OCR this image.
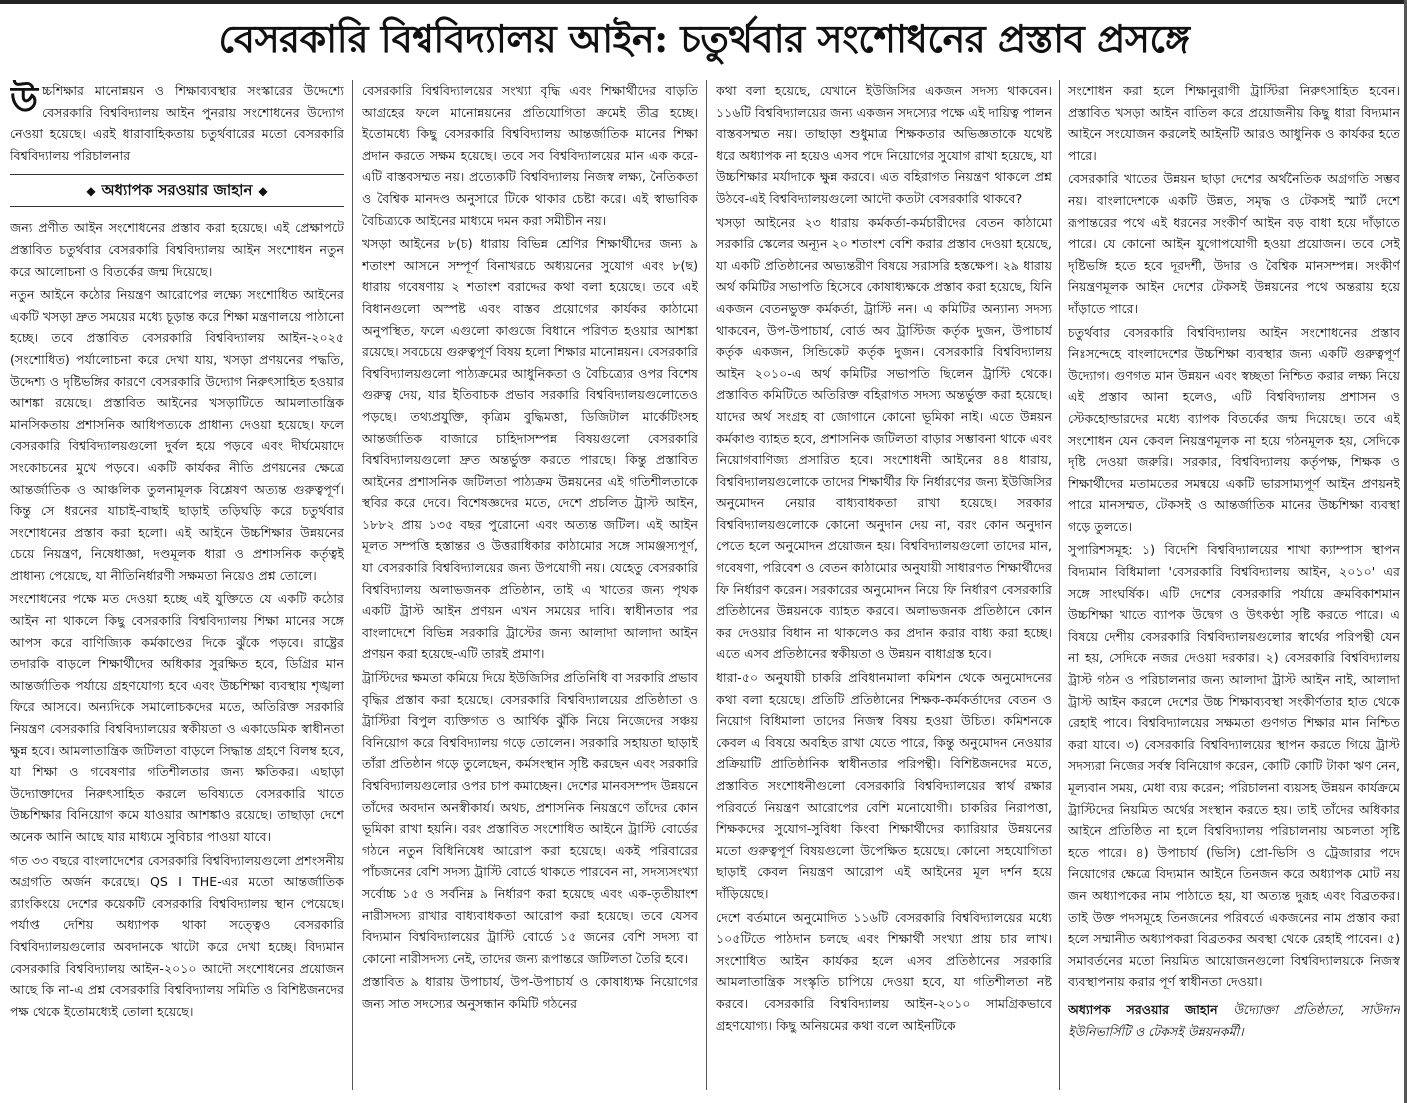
বেসরকারি বিশ্ববিদ্যালয় আইন: চতুর্থবার সংশোধনের প্রস্তাব প্রসঙ্গে

উচ্চশিক্ষার মানোন্নয়ন ও শিক্ষাব্যবস্থার সংস্কারের উদ্দেশ্যে বেসরকারি বিশ্ববিদ্যালয় আইন পুনরায় সংশোধনের উদ্যোগ নেওয়া হয়েছে। এরই ধারাবাহিকতায় চতুর্থবারের মতো বেসরকারি বিশ্ববিদ্যালয় পরিচালনার

◆ অধ্যাপক সরওয়ার জাহান ◆

জন্য প্রণীত আইন সংশোধনের প্রস্তাব করা হয়েছে। এই প্রেক্ষাপটে প্রস্তাবিত চতুর্থবার বেসরকারি বিশ্ববিদ্যালয় আইন সংশোধন নতুন করে আলোচনা ও বিতর্কের জন্ম দিয়েছে।

নতুন আইনে কঠোর নিয়ন্ত্রণ আরোপের লক্ষ্যে সংশোধিত আইনের একটি খসড়া দ্রুত সময়ের মধ্যে চূড়ান্ত করে শিক্ষা মন্ত্রণালয়ে পাঠানো হচ্ছে। তবে প্রস্তাবিত বেসরকারি বিশ্ববিদ্যালয় আইন-২০২৫ (সংশোধিত) পর্যালোচনা করে দেখা যায়, খসড়া প্রণয়নের পদ্ধতি, উদ্দেশ্য ও দৃষ্টিভঙ্গির কারণে বেসরকারি উদ্যোগ নিরুৎসাহিত হওয়ার আশঙ্কা রয়েছে। প্রস্তাবিত আইনের খসড়াটিতে আমলাতান্ত্রিক মানসিকতায় প্রশাসনিক আধিপত্যকে প্রাধান্য দেওয়া হয়েছে। ফলে বেসরকারি বিশ্ববিদ্যালয়গুলো দুর্বল হয়ে পড়বে এবং দীর্ঘমেয়াদে সংকোচনের মুখে পড়বে। একটি কার্যকর নীতি প্রণয়নের ক্ষেত্রে আন্তর্জাতিক ও আঞ্চলিক তুলনামূলক বিশ্লেষণ অত্যন্ত গুরুত্বপূর্ণ। কিন্তু সে ধরনের যাচাই-বাছাই ছাড়াই তড়িঘড়ি করে চতুর্থবার সংশোধনের প্রস্তাব করা হলো। এই আইনে উচ্চশিক্ষার উন্নয়নের চেয়ে নিয়ন্ত্রণ, নিষেধাজ্ঞা, দণ্ডমূলক ধারা ও প্রশাসনিক কর্তৃত্বই প্রাধান্য পেয়েছে, যা নীতিনির্ধারণী সক্ষমতা নিয়েও প্রশ্ন তোলে।

সংশোধনের পক্ষে মত দেওয়া হচ্ছে এই যুক্তিতে যে একটি কঠোর আইন না থাকলে কিছু বেসরকারি বিশ্ববিদ্যালয় শিক্ষা মানের সঙ্গে আপস করে বাণিজ্যিক কর্মকাণ্ডের দিকে ঝুঁকে পড়বে। রাষ্ট্রের তদারকি বাড়লে শিক্ষার্থীদের অধিকার সুরক্ষিত হবে, ডিগ্রির মান আন্তর্জাতিক পর্যায়ে গ্রহণযোগ্য হবে এবং উচ্চশিক্ষা ব্যবস্থায় শৃঙ্খলা ফিরে আসবে। অন্যদিকে সমালোচকদের মতে, অতিরিক্ত সরকারি নিয়ন্ত্রণ বেসরকারি বিশ্ববিদ্যালয়ের স্বকীয়তা ও একাডেমিক স্বাধীনতা ক্ষুন্ন হবে। আমলাতান্ত্রিক জটিলতা বাড়লে সিদ্ধান্ত গ্রহণে বিলম্ব হবে, যা শিক্ষা ও গবেষণার গতিশীলতার জন্য ক্ষতিকর। এছাড়া উদ্যোক্তাদের নিরুৎসাহিত করলে ভবিষ্যতে বেসরকারি খাতে উচ্চশিক্ষার বিনিয়োগ কমে যাওয়ার আশঙ্কাও রয়েছে। তাছাড়া দেশে অনেক আনি আছে যার মাধ্যমে সুবিচার পাওয়া যাবে।

গত ৩৩ বছরে বাংলাদেশের বেসরকারি বিশ্ববিদ্যালয়গুলো প্রশংসনীয় অগ্রগতি অর্জন করেছে। QS I THE-এর মতো আন্তর্জাতিক র‌্যাংকিংয়ে দেশের কয়েকটি বেসরকারি বিশ্ববিদ্যালয় স্থান পেয়েছে। পর্যাপ্ত দেশিয় অধ্যাপক থাকা সত্ত্বেও বেসরকারি বিশ্ববিদ্যালয়গুলোর অবদানকে খাটো করে দেখা হচ্ছে। বিদ্যমান বেসরকারি বিশ্ববিদ্যালয় আইন-২০১০ আদৌ সংশোধনের প্রয়োজন আছে কি না-এ প্রশ্ন বেসরকারি বিশ্ববিদ্যালয় সমিতি ও বিশিষ্টজনদের পক্ষ থেকে ইতোমধ্যেই তোলা হয়েছে।

বেসরকারি বিশ্ববিদ্যালয়ের সংখ্যা বৃদ্ধি এবং শিক্ষার্থীদের বাড়তি আগ্রহের ফলে মানোন্নয়নের প্রতিযোগিতা ক্রমেই তীব্র হচ্ছে। ইতোমধ্যে কিছু বেসরকারি বিশ্ববিদ্যালয় আন্তর্জাতিক মানের শিক্ষা প্রদান করতে সক্ষম হয়েছে। তবে সব বিশ্ববিদ্যালয়ের মান এক করে-এটি বাস্তবসম্মত নয়। প্রত্যেকটি বিশ্ববিদ্যালয় নিজস্ব লক্ষ্য, নৈতিকতা ও বৈশ্বিক মানদণ্ড অনুসারে টিকে থাকার চেষ্টা করে। এই স্বাভাবিক বৈচিত্র্যকে আইনের মাধ্যমে দমন করা সমীচীন নয়।

খসড়া আইনের ৮(চ) ধারায় বিভিন্ন শ্রেণির শিক্ষার্থীদের জন্য ৯ শতাংশ আসনে সম্পূর্ণ বিনাখরচে অধ্যয়নের সুযোগ এবং ৮(ছ) ধারায় গবেষণায় ২ শতাংশ বরাদ্দের কথা বলা হয়েছে। তবে এই বিধানগুলো অস্পষ্ট এবং বাস্তব প্রয়োগের কার্যকর কাঠামো অনুপস্থিত, ফলে এগুলো কাগুজে বিধানে পরিণত হওয়ার আশঙ্কা রয়েছে। সবচেয়ে গুরুত্বপূর্ণ বিষয় হলো শিক্ষার মানোন্নয়ন। বেসরকারি বিশ্ববিদ্যালয়গুলো পাঠ্যক্রমের আধুনিকতা ও বৈচিত্র্যের ওপর বিশেষ গুরুত্ব দেয়, যার ইতিবাচক প্রভাব সরকারি বিশ্ববিদ্যালয়গুলোতেও পড়ছে। তথ্যপ্রযুক্তি, কৃত্রিম বুদ্ধিমত্তা, ডিজিটাল মার্কেটিংসহ আন্তর্জাতিক বাজারে চাহিদাসম্পন্ন বিষয়গুলো বেসরকারি বিশ্ববিদ্যালয়গুলো দ্রুত অন্তর্ভুক্ত করতে পারছে। কিন্তু প্রস্তাবিত আইনের প্রশাসনিক জটিলতা পাঠ্যক্রম উন্নয়নের এই গতিশীলতাকে স্থবির করে দেবে। বিশেষজ্ঞদের মতে, দেশে প্রচলিত ট্রাস্ট আইন, ১৮৮২ প্রায় ১৩৫ বছর পুরোনো এবং অত্যন্ত জটিল। এই আইন মূলত সম্পত্তি হস্তান্তর ও উত্তরাধিকার কাঠামোর সঙ্গে সামঞ্জস্যপূর্ণ, যা বেসরকারি বিশ্ববিদ্যালয়ের জন্য উপযোগী নয়। যেহেতু বেসরকারি বিশ্ববিদ্যালয় অলাভজনক প্রতিষ্ঠান, তাই এ খাতের জন্য পৃথক একটি ট্রাস্ট আইন প্রণয়ন এখন সময়ের দাবি। স্বাধীনতার পর বাংলাদেশে বিভিন্ন সরকারি ট্রাস্টের জন্য আলাদা আলাদা আইন প্রণয়ন করা হয়েছে-এটি তারই প্রমাণ।

ট্রাস্টিদের ক্ষমতা কমিয়ে দিয়ে ইউজিসির প্রতিনিধি বা সরকারি প্রভাব বৃদ্ধির প্রস্তাব করা হয়েছে। বেসরকারি বিশ্ববিদ্যালয়ের প্রতিষ্ঠাতা ও ট্রাস্টিরা বিপুল ব্যক্তিগত ও আর্থিক ঝুঁকি নিয়ে নিজেদের সঞ্চয় বিনিয়োগ করে বিশ্ববিদ্যালয় গড়ে তোলেন। সরকারি সহায়তা ছাড়াই তাঁরা প্রতিষ্ঠান গড়ে তুলেছেন, কর্মসংস্থান সৃষ্টি করছেন এবং সরকারি বিশ্ববিদ্যালয়গুলোর ওপর চাপ কমাচ্ছেন। দেশের মানবসম্পদ উন্নয়নে তাঁদের অবদান অনস্বীকার্য। অথচ, প্রশাসনিক নিয়ন্ত্রণে তাঁদের কোন ভূমিকা রাখা হয়নি। বরং প্রস্তাবিত সংশোধিত আইনে ট্রাস্টি বোর্ডের গঠনে নতুন বিধিনিষেধ আরোপ করা হয়েছে। একই পরিবারের পাঁচজনের বেশি সদস্য ট্রাস্টি বোর্ডে থাকতে পারবেন না, সদস্যসংখ্যা সর্বোচ্চ ১৫ ও সর্বনিম্ন ৯ নির্ধারণ করা হয়েছে এবং এক-তৃতীয়াংশ নারীসদস্য রাখার বাধ্যবাধকতা আরোপ করা হয়েছে। তবে যেসব বিদ্যমান বিশ্ববিদ্যালয়ের ট্রাস্টি বোর্ডে ১৫ জনের বেশি সদস্য বা কোনো নারীসদস্য নেই, তাদের জন্য রূপান্তরে জটিলতা তৈরি হবে।

প্রস্তাবিত ৯ ধারায় উপাচার্য, উপ-উপাচার্য ও কোষাধ্যক্ষ নিয়োগের জন্য সাত সদস্যের অনুসন্ধান কমিটি গঠনের

কথা বলা হয়েছে, যেখানে ইউজিসির একজন সদস্য থাকবেন। ১১৬টি বিশ্ববিদ্যালয়ের জন্য একজন সদস্যের পক্ষে এই দায়িত্ব পালন বাস্তবসম্মত নয়। তাছাড়া শুধুমাত্র শিক্ষকতার অভিজ্ঞতাকে যথেষ্ট ধরে অধ্যাপক না হয়েও এসব পদে নিয়োগের সুযোগ রাখা হয়েছে, যা উচ্চশিক্ষার মর্যাদাকে ক্ষুন্ন করবে। এত বহিরাগত নিয়ন্ত্রণ থাকলে প্রশ্ন উঠবে-এই বিশ্ববিদ্যালয়গুলো আদৌ কতটা বেসরকারি থাকবে?

খসড়া আইনের ২৩ ধারায় কর্মকর্তা-কর্মচারীদের বেতন কাঠামো সরকারি স্কেলের অন্যূন ২০ শতাংশ বেশি করার প্রস্তাব দেওয়া হয়েছে, যা একটি প্রতিষ্ঠানের অভ্যন্তরীণ বিষয়ে সরাসরি হস্তক্ষেপ। ২৯ ধারায় অর্থ কমিটির সভাপতি হিসেবে কোষাধ্যক্ষকে প্রস্তাব করা হয়েছে, যিনি একজন বেতনভুক্ত কর্মকর্তা, ট্রাস্টি নন। এ কমিটির অন্যান্য সদস্য থাকবেন, উপ-উপাচার্য, বোর্ড অব ট্রাস্টিজ কর্তৃক দুজন, উপাচার্য কর্তৃক একজন, সিন্ডিকেট কর্তৃক দুজন। বেসরকারি বিশ্ববিদ্যালয় আইন ২০১০-এ অর্থ কমিটির সভাপতি ছিলেন ট্রাস্টি থেকে। প্রস্তাবিত কমিটিতে অতিরিক্ত বহিরাগত সদস্য অন্তর্ভুক্ত করা হয়েছে। যাদের অর্থ সংগ্রহ বা জোগানে কোনো ভূমিকা নাই। এতে উন্নয়ন কর্মকাণ্ড ব্যাহত হবে, প্রশাসনিক জটিলতা বাড়ার সম্ভাবনা থাকে এবং নিয়োগবাণিজ্য প্রসারিত হবে। সংশোধনী আইনের ৪৪ ধারায়, বিশ্ববিদ্যালয়গুলোকে তাদের শিক্ষার্থীর ফি নির্ধারণের জন্য ইউজিসির অনুমোদন নেয়ার বাধ্যবাধকতা রাখা হয়েছে। সরকার বিশ্ববিদ্যালয়গুলোকে কোনো অনুদান দেয় না, বরং কোন অনুদান পেতে হলে অনুমোদন প্রয়োজন হয়। বিশ্ববিদ্যালয়গুলো তাদের মান, গবেষণা, পরিবেশ ও বেতন কাঠামোর অনুযায়ী সাধারণত শিক্ষার্থীদের ফি নির্ধারণ করেন। সরকারের অনুমোদন নিয়ে ফি নির্ধারণ বেসরকারি প্রতিষ্ঠানের উন্নয়নকে ব্যাহত করবে। অলাভজনক প্রতিষ্ঠানে কোন কর দেওয়ার বিধান না থাকলেও কর প্রদান করার বাধ্য করা হচ্ছে। এতে এসব প্রতিষ্ঠানের স্বকীয়তা ও উন্নয়ন বাধাগ্রস্ত হবে।

ধারা-৫০ অনুযায়ী চাকরি প্রবিধানমালা কমিশন থেকে অনুমোদনের কথা বলা হয়েছে। প্রতিটি প্রতিষ্ঠানের শিক্ষক-কর্মকর্তাদের বেতন ও নিয়োগ বিধিমালা তাদের নিজস্ব বিষয় হওয়া উচিত। কমিশনকে কেবল এ বিষয়ে অবহিত রাখা যেতে পারে, কিন্তু অনুমোদন নেওয়ার প্রক্রিয়াটি প্রাতিষ্ঠানিক স্বাধীনতার পরিপন্থী। বিশিষ্টজনদের মতে, প্রস্তাবিত সংশোধনীগুলো বেসরকারি বিশ্ববিদ্যালয়ের স্বার্থ রক্ষার পরিবর্তে নিয়ন্ত্রণ আরোপের বেশি মনোযোগী। চাকরির নিরাপত্তা, শিক্ষকদের সুযোগ-সুবিধা কিংবা শিক্ষার্থীদের ক্যারিয়ার উন্নয়নের মতো গুরুত্বপূর্ণ বিষয়গুলো উপেক্ষিত হয়েছে। কোনো সহযোগিতা ছাড়াই কেবল নিয়ন্ত্রণ আরোপ এই আইনের মূল দর্শন হয়ে দাঁড়িয়েছে।

দেশে বর্তমানে অনুমোদিত ১১৬টি বেসরকারি বিশ্ববিদ্যালয়ের মধ্যে ১০৫টিতে পাঠদান চলছে এবং শিক্ষার্থী সংখ্যা প্রায় চার লাখ। সংশোধিত আইন কার্যকর হলে এসব প্রতিষ্ঠানের সরকারি আমলাতান্ত্রিক সংস্কৃতি চাপিয়ে দেওয়া হবে, যা গতিশীলতা নষ্ট করবে। বেসরকারি বিশ্ববিদ্যালয় আইন-২০১০ সামগ্রিকভাবে গ্রহণযোগ্য। কিছু অনিয়মের কথা বলে আইনটিকে

সংশোধন করা হলে শিক্ষানুরাগী ট্রাস্টিরা নিরুৎসাহিত হবেন। প্রস্তাবিত খসড়া আইন বাতিল করে প্রয়োজনীয় কিছু ধারা বিদ্যমান আইনে সংযোজন করলেই আইনটি আরও আধুনিক ও কার্যকর হতে পারে।

বেসরকারি খাতের উন্নয়ন ছাড়া দেশের অর্থনৈতিক অগ্রগতি সম্ভব নয়। বাংলাদেশকে একটি উন্নত, সমৃদ্ধ ও টেকসই স্মার্ট দেশে রূপান্তরের পথে এই ধরনের সংকীর্ণ আইন বড় বাধা হয়ে দাঁড়াতে পারে। যে কোনো আইন যুগোপযোগী হওয়া প্রয়োজন। তবে সেই দৃষ্টিভঙ্গি হতে হবে দূরদর্শী, উদার ও বৈশ্বিক মানসম্পন্ন। সংকীর্ণ নিয়ন্ত্রণমূলক আইন দেশের টেকসই উন্নয়নের পথে অন্তরায় হয়ে দাঁড়াতে পারে।

চতুর্থবার বেসরকারি বিশ্ববিদ্যালয় আইন সংশোধনের প্রস্তাব নিঃসন্দেহে বাংলাদেশের উচ্চশিক্ষা ব্যবস্থার জন্য একটি গুরুত্বপূর্ণ উদ্যোগ। গুণগত মান উন্নয়ন এবং স্বচ্ছতা নিশ্চিত করার লক্ষ্য নিয়ে এই প্রস্তাব আনা হলেও, এটি বিশ্ববিদ্যালয় প্রশাসন ও স্টেকহোল্ডারদের মধ্যে ব্যাপক বিতর্কের জন্ম দিয়েছে। তবে এই সংশোধন যেন কেবল নিয়ন্ত্রণমূলক না হয়ে গঠনমূলক হয়, সেদিকে দৃষ্টি দেওয়া জরুরি। সরকার, বিশ্ববিদ্যালয় কর্তৃপক্ষ, শিক্ষক ও শিক্ষার্থীদের মতামতের সমন্বয়ে একটি ভারসাম্যপূর্ণ আইন প্রণয়নই পারে মানসম্মত, টেকসই ও আন্তর্জাতিক মানের উচ্চশিক্ষা ব্যবস্থা গড়ে তুলতে।

সুপারিশসমূহ: ১) বিদেশি বিশ্ববিদ্যালয়ের শাখা ক্যাম্পাস স্থাপন বিদ্যমান বিধিমালা 'বেসরকারি বিশ্ববিদ্যালয় আইন, ২০১০' এর সঙ্গে সাংঘর্ষিক। এটি দেশের বেসরকারি পর্যায়ে ক্রমবিকাশমান উচ্চশিক্ষা খাতে ব্যাপক উদ্বেগ ও উৎকণ্ঠা সৃষ্টি করতে পারে। এ বিষয়ে দেশীয় বেসরকারি বিশ্ববিদ্যালয়গুলোর স্বার্থের পরিপন্থী যেন না হয়, সেদিকে নজর দেওয়া দরকার। ২) বেসরকারি বিশ্ববিদ্যালয় ট্রাস্ট গঠন ও পরিচালনার জন্য আলাদা ট্রাস্ট আইন নাই, আলাদা ট্রাস্ট আইন করলে দেশের উচ্চ শিক্ষাব্যবস্থা সংকীর্ণতার হাত থেকে রেহাই পাবে। বিশ্ববিদ্যালয়ের সক্ষমতা গুণগত শিক্ষার মান নিশ্চিত করা যাবে। ৩) বেসরকারি বিশ্ববিদ্যালয়ের স্থাপন করতে গিয়ে ট্রাস্ট সদস্যরা নিজের সর্বস্ব বিনিয়োগ করেন, কোটি কোটি টাকা ঋণ নেন, মূল্যবান সময়, মেধা ব্যয় করেন; পরিচালনা ব্যয়সহ উন্নয়ন কার্যক্রমে ট্রাস্টিদের নিয়মিত অর্থের সংস্থান করতে হয়। তাই তাঁদের অধিকার আইনে প্রতিষ্ঠিত না হলে বিশ্ববিদ্যালয় পরিচালনায় অচলতা সৃষ্টি হতে পারে। ৪) উপাচার্য (ভিসি) প্রো-ভিসি ও ট্রেজারার পদে নিয়োগের ক্ষেত্রে বিদ্যমান আইনে তিনজন করে অধ্যাপক মোট নয় জন অধ্যাপকের নাম পাঠাতে হয়, যা অত্যন্ত দুরূহ এবং বিব্রতকর। তাই উক্ত পদসমূহে তিনজনের পরিবর্তে একজনের নাম প্রস্তাব করা হলে সম্মানীত অধ্যাপকরা বিব্রতকর অবস্থা থেকে রেহাই পাবেন। ৫) সমাবর্তনের মতো নিয়মিত আয়োজনগুলো বিশ্ববিদ্যালয়কে নিজস্ব ব্যবস্থাপনায় করার পূর্ণ স্বাধীনতা দেওয়া।

অধ্যাপক সরওয়ার জাহান উদ্যোক্তা প্রতিষ্ঠাতা, সাউদার্ন ইউনিভার্সিটি ও টেকসই উন্নয়নকর্মী।
